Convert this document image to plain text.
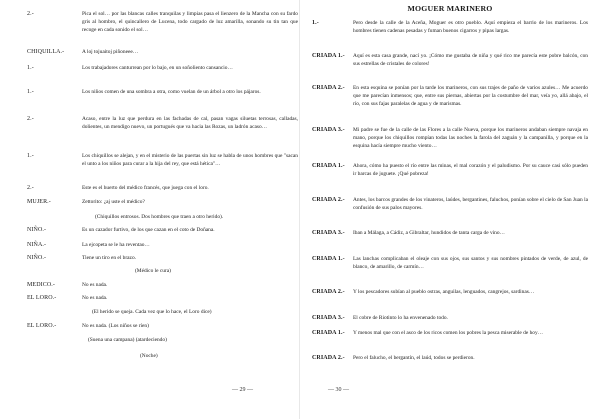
2.-	Pica el sol… por las blancas calles tranquilas y limpias pasa el lienzero de la Mancha con su fardo gris al hombro, el quincallero de Lucena, todo cargado de luz amarilla, sonando su tin tan que recoge en cada sonido el sol…
CHIQUILLA.-	A loj tojuaitoj piñoneee…
1.-	Los trabajadores canturrean por lo bajo, en un soñoliento cansancio…
1.-	Los niños comen de una sombra a otra, como vuelan de un árbol a otro los pájaros.
2.-	Acaso, entre la luz que perdura en las fachadas de cal, pasan vagas siluetas terrosas, calladas, dolientes, un mendigo nuevo, un portugués que va hacia las Rozas, un ladrón acaso…
1.-	Los chiquillos se alejan, y en el misterio de las puertas sin luz se habla de unos hombres que "sacan el unto a los niños para curar a la hija del rey, que está hética"…
2.-	Este es el huerto del médico francés, que juega con el loro.
MUJER.-	Zettorito: ¿aj uste el médico?
(Chiquillos entrosos. Dos hombres que traen a otro herido).
NIÑO.-	Es un cazador furtivo, de los que cazan en el coto de Doñana.
NIÑA.-	La ejcopeta se le ha reventao…
NIÑO.-	Tiene un tiro en el brazo.
(Médico le cura)
MEDICO.-	No es nada.
EL LORO.-	No es nada.
(El herido se queja. Cada vez que lo hace, el Loro dice)
EL LORO.-	No es nada. (Los niños se ríen)
(Suena una campana) (atardeciendo)
(Noche)
— 29 —
MOGUER MARINERO
1.-	Pero desde la calle de la Aceña, Moguer es otro pueblo. Aquí empieza el barrio de los marineros. Los hombres tienen cadenas pesadas y fuman buenos cigarros y pipas largas.
CRIADA 1.-	Aquí es esta casa grande, nací yo. ¡Cómo me gustaba de niña y qué rico me parecía este pobre balcón, con sus estrellas de cristales de colores!
CRIADA 2.-	En esta esquina se ponían por la tarde los marineros, con sus trajes de paño de varios azules… Me acuerdo que me parecían inmensos; que, entre sus piernas, abiertas por la costumbre del mar, veía yo, allá abajo, el río, con sus fajas paralelas de agua y de marismas.
CRIADA 3.-	Mi padre se fue de la calle de las Flores a la calle Nueva, porque los marineros andaban siempre navaja en mano, porque los chiquillos rompían todas las noches la farola del zaguán y la campanilla, y porque en la esquina hacía siempre mucho viento…
CRIADA 1.-	Ahora, cómo ha puesto el río entre las minas, el mal corazón y el paludismo. Por su cauce casi sólo pueden ir barcas de juguete. ¡Qué pobreza!
CRIADA 2.-	Antes, los barcos grandes de los vinateros, laúdes, bergantines, faluchos, ponían sobre el cielo de San Juan la confusión de sus palos mayores.
CRIADA 3.-	Iban a Málaga, a Cádiz, a Gibraltar, hundidos de tanta carga de vino…
CRIADA 1.-	Las lanchas complicaban el oleaje con sus ojos, sus santos y sus nombres pintados de verde, de azul, de blanco, de amarillo, de carmín…
CRIADA 2.-	Y los pescadores subían al pueblo ostras, anguilas, lenguados, cangrejos, sardinas…
CRIADA 3.-	El cobre de Riotinto lo ha envenenado todo.
CRIADA 1.-	Y menos mal que con el asco de los ricos comen los pobres la pesca miserable de hoy…
CRIADA 2.-	Pero el falucho, el bergantín, el laúd, todos se perdieron.
— 30 —
